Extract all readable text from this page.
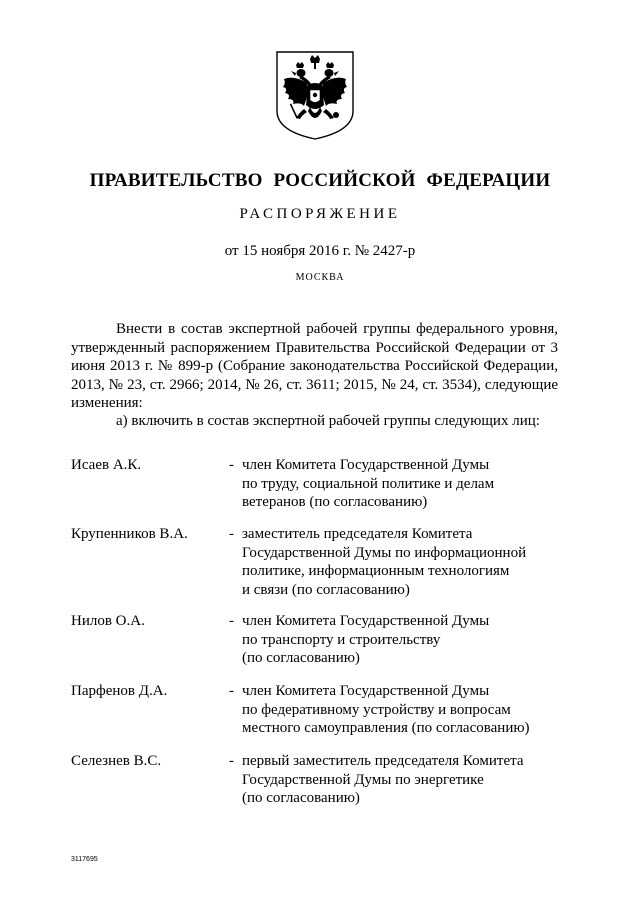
ПРАВИТЕЛЬСТВО РОССИЙСКОЙ ФЕДЕРАЦИИ
РАСПОРЯЖЕНИЕ
от 15 ноября 2016 г. № 2427-р
МОСКВА

Внести в состав экспертной рабочей группы федерального уровня, утвержденный распоряжением Правительства Российской Федерации от 3 июня 2013 г. № 899-р (Собрание законодательства Российской Федерации, 2013, № 23, ст. 2966; 2014, № 26, ст. 3611; 2015, № 24, ст. 3534), следующие изменения:

а) включить в состав экспертной рабочей группы следующих лиц:

Исаев А.К.	- член Комитета Государственной Думы
по труду, социальной политике и делам
ветеранов (по согласованию)
Крупенников В.А.	- заместитель председателя Комитета
Государственной Думы по информационной
политике, информационным технологиям
и связи (по согласованию)
Нилов О.А.	- член Комитета Государственной Думы
по транспорту и строительству
(по согласованию)
Парфенов Д.А.	- член Комитета Государственной Думы
по федеративному устройству и вопросам
местного самоуправления (по согласованию)
Селезнев В.С.	- первый заместитель председателя Комитета
Государственной Думы по энергетике
(по согласованию)
3117695
